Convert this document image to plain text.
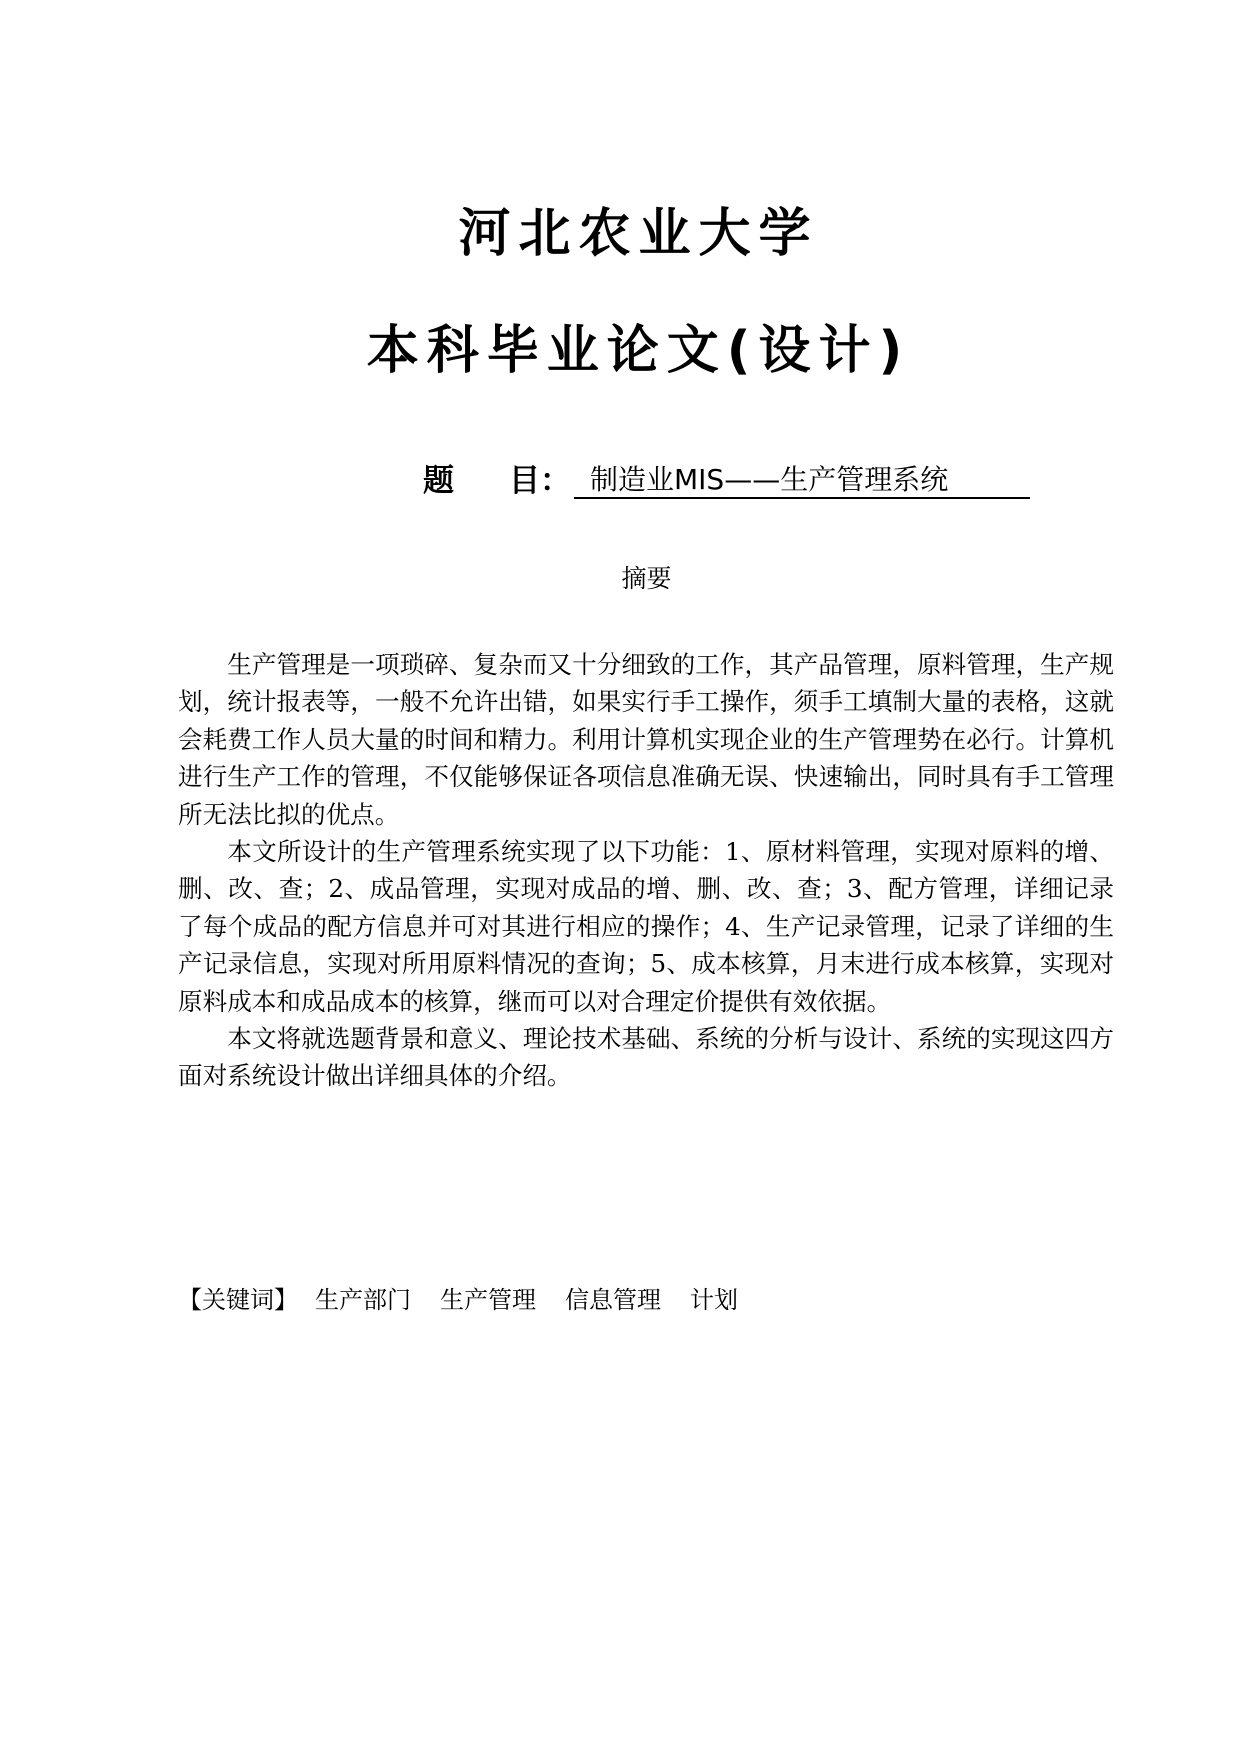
河北农业大学
本科毕业论文(设计)
题 目： 制造业MIS——生产管理系统
摘要

生产管理是一项琐碎、复杂而又十分细致的工作，其产品管理，原料管理，生产规划，统计报表等，一般不允许出错，如果实行手工操作，须手工填制大量的表格，这就会耗费工作人员大量的时间和精力。利用计算机实现企业的生产管理势在必行。计算机进行生产工作的管理，不仅能够保证各项信息准确无误、快速输出，同时具有手工管理所无法比拟的优点。

本文所设计的生产管理系统实现了以下功能：1、原材料管理，实现对原料的增、删、改、查；2、成品管理，实现对成品的增、删、改、查；3、配方管理，详细记录了每个成品的配方信息并可对其进行相应的操作；4、生产记录管理，记录了详细的生产记录信息，实现对所用原料情况的查询；5、成本核算，月末进行成本核算，实现对原料成本和成品成本的核算，继而可以对合理定价提供有效依据。

本文将就选题背景和意义、理论技术基础、系统的分析与设计、系统的实现这四方面对系统设计做出详细具体的介绍。

【关键词】 生产部门 生产管理 信息管理 计划
